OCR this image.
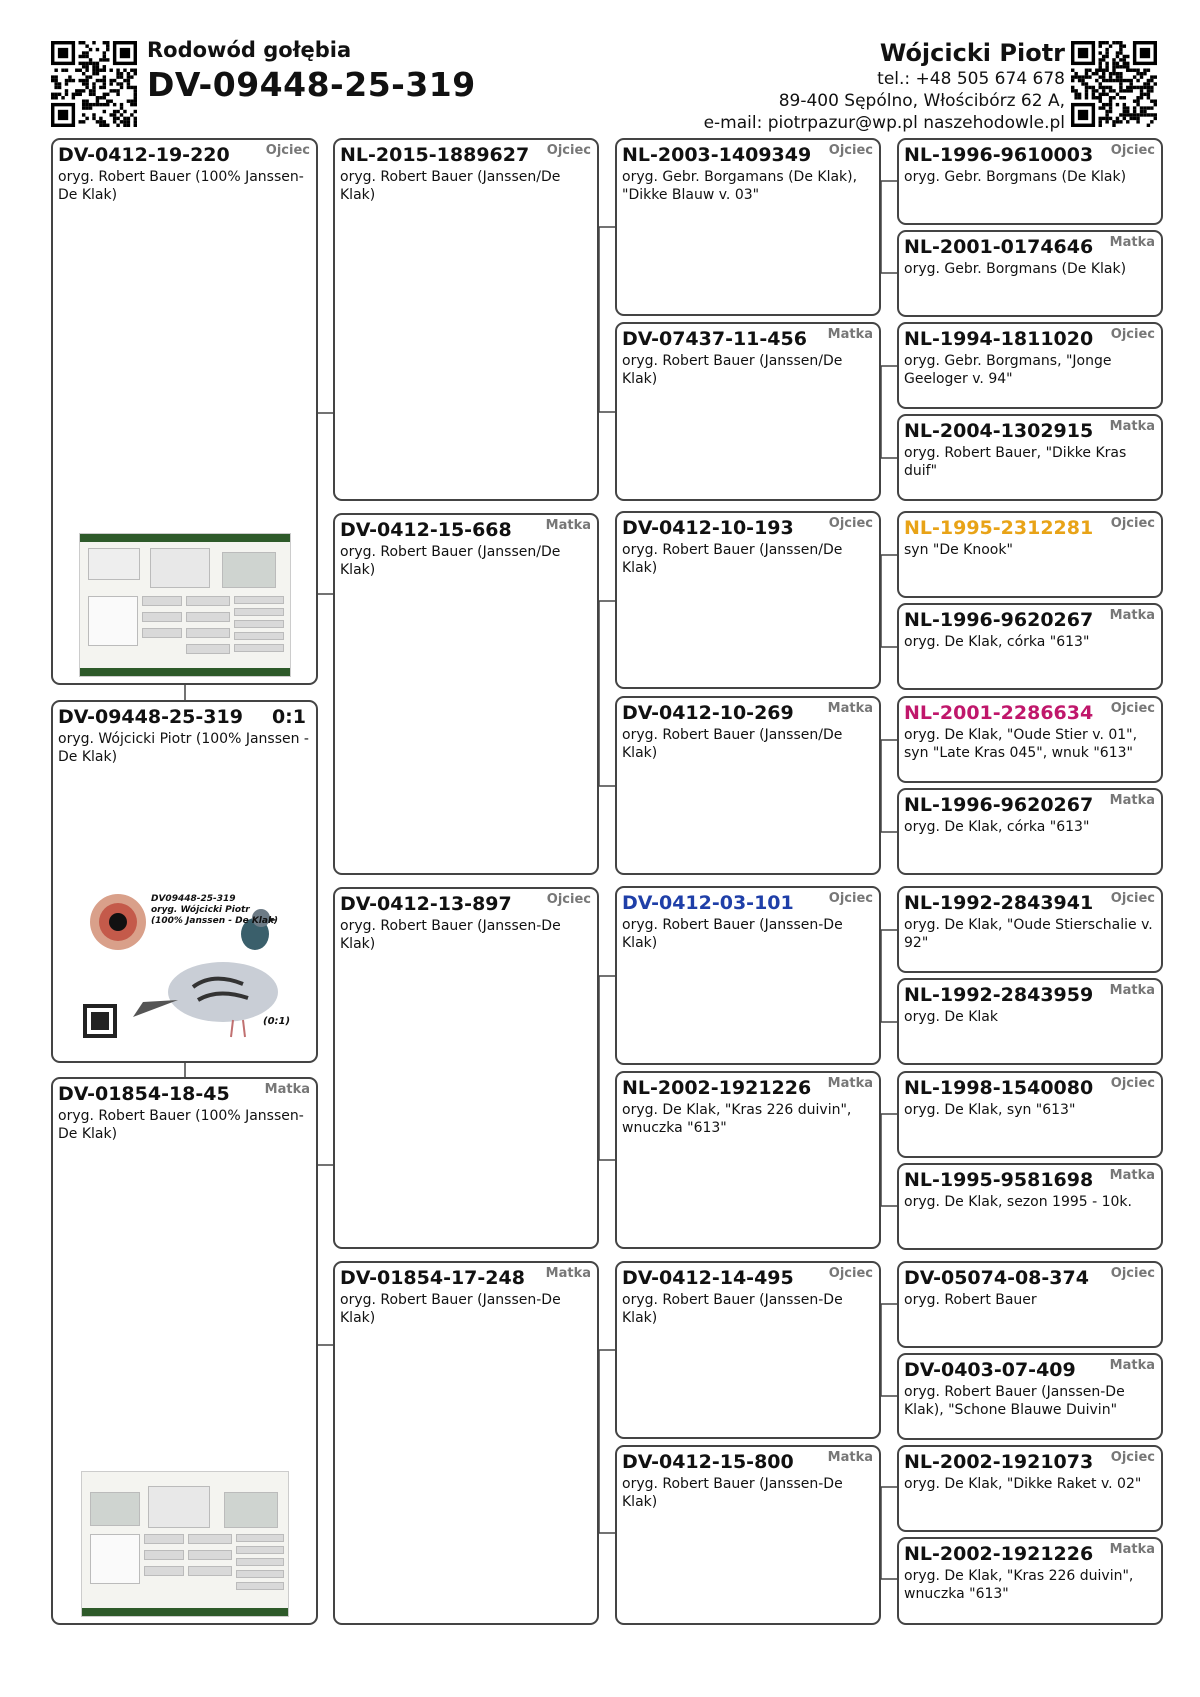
Rodowód gołębia
DV-09448-25-319
Wójcicki Piotr
tel.: +48 505 674 678
89-400 Sępólno, Włościbórz 62 A,
e-mail: piotrpazur@wp.pl naszehodowle.pl
DV-0412-19-220	Ojciec
oryg. Robert Bauer (100% Janssen- De Klak)
DV-09448-25-319	0:1
oryg. Wójcicki Piotr (100% Janssen - De Klak)
DV09448-25-319
oryg. Wójcicki Piotr
(100% Janssen - De Klak)
(0:1)
DV-01854-18-45	Matka
oryg. Robert Bauer (100% Janssen- De Klak)
NL-2015-1889627	Ojciec
oryg. Robert Bauer (Janssen/De Klak)
DV-0412-15-668	Matka
oryg. Robert Bauer (Janssen/De Klak)
DV-0412-13-897	Ojciec
oryg. Robert Bauer (Janssen-De Klak)
DV-01854-17-248	Matka
oryg. Robert Bauer (Janssen-De Klak)
NL-2003-1409349	Ojciec
oryg. Gebr. Borgamans (De Klak), "Dikke Blauw v. 03"
DV-07437-11-456	Matka
oryg. Robert Bauer (Janssen/De Klak)
DV-0412-10-193	Ojciec
oryg. Robert Bauer (Janssen/De Klak)
DV-0412-10-269	Matka
oryg. Robert Bauer (Janssen/De Klak)
DV-0412-03-101	Ojciec
oryg. Robert Bauer (Janssen-De Klak)
NL-2002-1921226	Matka
oryg. De Klak, "Kras 226 duivin", wnuczka "613"
DV-0412-14-495	Ojciec
oryg. Robert Bauer (Janssen-De Klak)
DV-0412-15-800	Matka
oryg. Robert Bauer (Janssen-De Klak)
NL-1996-9610003	Ojciec
oryg. Gebr. Borgmans (De Klak)
NL-2001-0174646	Matka
oryg. Gebr. Borgmans (De Klak)
NL-1994-1811020	Ojciec
oryg. Gebr. Borgmans, "Jonge Geeloger v. 94"
NL-2004-1302915	Matka
oryg. Robert Bauer, "Dikke Kras duif"
NL-1995-2312281	Ojciec
syn "De Knook"
NL-1996-9620267	Matka
oryg. De Klak, córka "613"
NL-2001-2286634	Ojciec
oryg. De Klak, "Oude Stier v. 01", syn "Late Kras 045", wnuk "613"
NL-1996-9620267	Matka
oryg. De Klak, córka "613"
NL-1992-2843941	Ojciec
oryg. De Klak, "Oude Stierschalie v. 92"
NL-1992-2843959	Matka
oryg. De Klak
NL-1998-1540080	Ojciec
oryg. De Klak, syn "613"
NL-1995-9581698	Matka
oryg. De Klak, sezon 1995 - 10k.
DV-05074-08-374	Ojciec
oryg. Robert Bauer
DV-0403-07-409	Matka
oryg. Robert Bauer (Janssen-De Klak), "Schone Blauwe Duivin"
NL-2002-1921073	Ojciec
oryg. De Klak, "Dikke Raket v. 02"
NL-2002-1921226	Matka
oryg. De Klak, "Kras 226 duivin", wnuczka "613"
